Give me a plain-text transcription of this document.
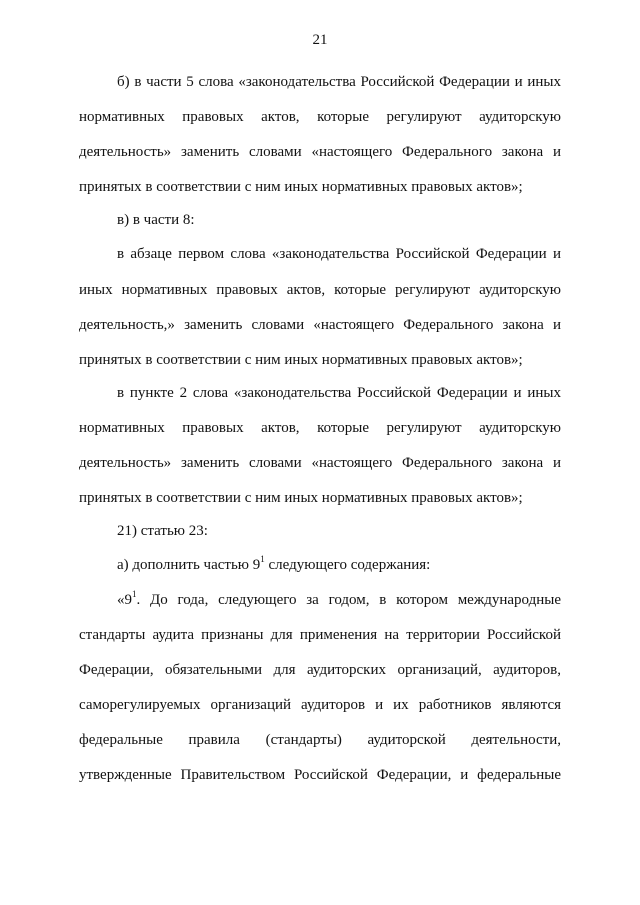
21
б) в части 5 слова «законодательства Российской Федерации и иных
нормативных правовых актов, которые регулируют аудиторскую
деятельность» заменить словами «настоящего Федерального закона и
принятых в соответствии с ним иных нормативных правовых актов»;
в) в части 8:
в абзаце первом слова «законодательства Российской Федерации и
иных нормативных правовых актов, которые регулируют аудиторскую
деятельность,» заменить словами «настоящего Федерального закона и
принятых в соответствии с ним иных нормативных правовых актов»;
в пункте 2 слова «законодательства Российской Федерации и иных
нормативных правовых актов, которые регулируют аудиторскую
деятельность» заменить словами «настоящего Федерального закона и
принятых в соответствии с ним иных нормативных правовых актов»;
21) статью 23:
а) дополнить частью $9^1$ следующего содержания:
«$9^1$. До года, следующего за годом, в котором международные
стандарты аудита признаны для применения на территории Российской
Федерации, обязательными для аудиторских организаций, аудиторов,
саморегулируемых организаций аудиторов и их работников являются
федеральные правила (стандарты) аудиторской деятельности,
утвержденные Правительством Российской Федерации, и федеральные
